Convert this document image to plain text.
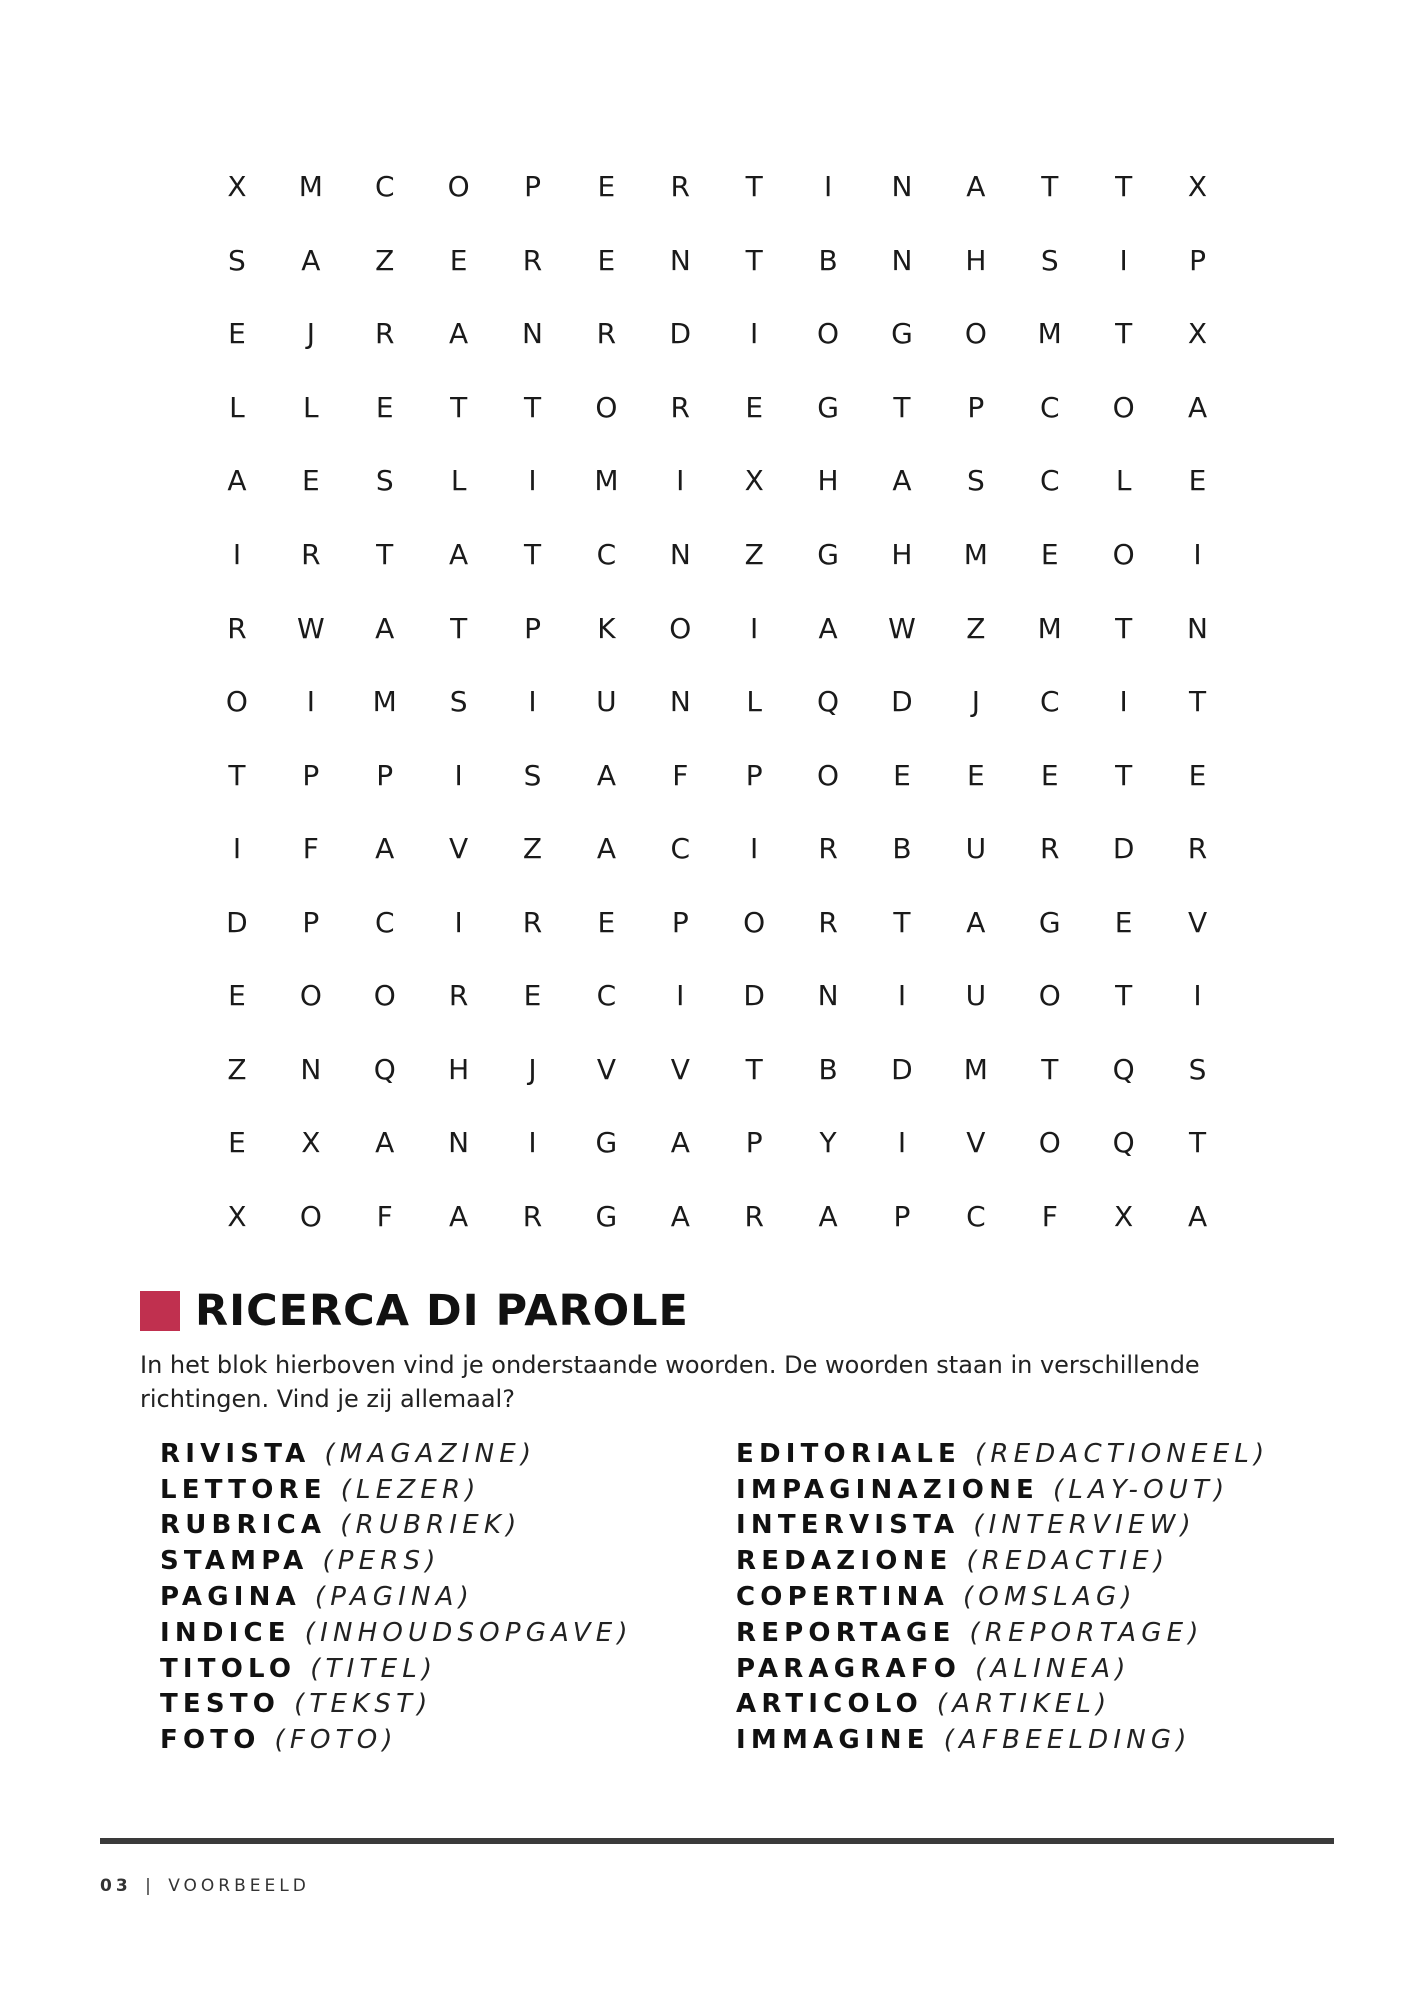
X	M	C	O	P	E	R	T	I	N	A	T	T	X
S	A	Z	E	R	E	N	T	B	N	H	S	I	P
E	J	R	A	N	R	D	I	O	G	O	M	T	X
L	L	E	T	T	O	R	E	G	T	P	C	O	A
A	E	S	L	I	M	I	X	H	A	S	C	L	E
I	R	T	A	T	C	N	Z	G	H	M	E	O	I
R	W	A	T	P	K	O	I	A	W	Z	M	T	N
O	I	M	S	I	U	N	L	Q	D	J	C	I	T
T	P	P	I	S	A	F	P	O	E	E	E	T	E
I	F	A	V	Z	A	C	I	R	B	U	R	D	R
D	P	C	I	R	E	P	O	R	T	A	G	E	V
E	O	O	R	E	C	I	D	N	I	U	O	T	I
Z	N	Q	H	J	V	V	T	B	D	M	T	Q	S
E	X	A	N	I	G	A	P	Y	I	V	O	Q	T
X	O	F	A	R	G	A	R	A	P	C	F	X	A
RICERCA DI PAROLE
In het blok hierboven vind je onderstaande woorden. De woorden staan in verschillende richtingen. Vind je zij allemaal?
RIVISTA (MAGAZINE)
LETTORE (LEZER)
RUBRICA (RUBRIEK)
STAMPA (PERS)
PAGINA (PAGINA)
INDICE (INHOUDSOPGAVE)
TITOLO (TITEL)
TESTO (TEKST)
FOTO (FOTO)
EDITORIALE (REDACTIONEEL)
IMPAGINAZIONE (LAY-OUT)
INTERVISTA (INTERVIEW)
REDAZIONE (REDACTIE)
COPERTINA (OMSLAG)
REPORTAGE (REPORTAGE)
PARAGRAFO (ALINEA)
ARTICOLO (ARTIKEL)
IMMAGINE (AFBEELDING)
03 | VOORBEELD
